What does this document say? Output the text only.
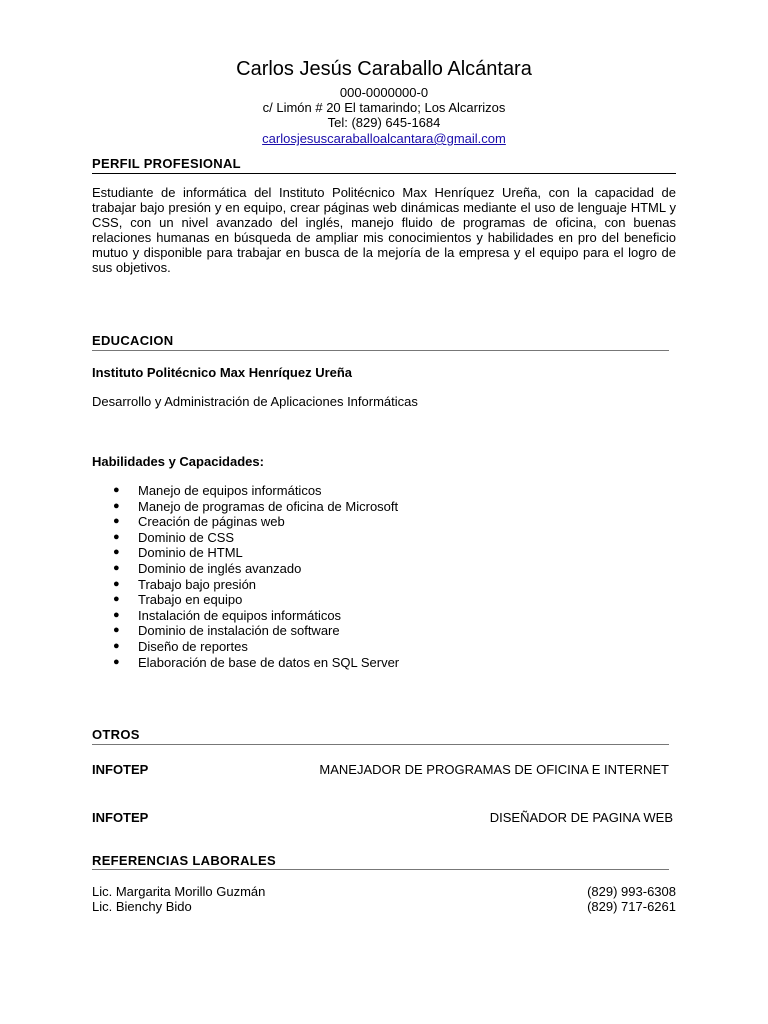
Carlos Jesús Caraballo Alcántara
000-0000000-0
c/ Limón # 20 El tamarindo; Los Alcarrizos
Tel: (829) 645-1684
carlosjesuscaraballoalcantara@gmail.com
PERFIL PROFESIONAL

Estudiante de informática del Instituto Politécnico Max Henríquez Ureña, con la capacidad de trabajar bajo presión y en equipo, crear páginas web dinámicas mediante el uso de lenguaje HTML y CSS, con un nivel avanzado del inglés, manejo fluido de programas de oficina, con buenas relaciones humanas en búsqueda de ampliar mis conocimientos y habilidades en pro del beneficio mutuo y disponible para trabajar en busca de la mejoría de la empresa y el equipo para el logro de sus objetivos.

EDUCACION
Instituto Politécnico Max Henríquez Ureña
Desarrollo y Administración de Aplicaciones Informáticas
Habilidades y Capacidades:
● Manejo de equipos informáticos
● Manejo de programas de oficina de Microsoft
● Creación de páginas web
● Dominio de CSS
● Dominio de HTML
● Dominio de inglés avanzado
● Trabajo bajo presión
● Trabajo en equipo
● Instalación de equipos informáticos
● Dominio de instalación de software
● Diseño de reportes
● Elaboración de base de datos en SQL Server
OTROS
INFOTEP	MANEJADOR DE PROGRAMAS DE OFICINA E INTERNET
INFOTEP	DISEÑADOR DE PAGINA WEB
REFERENCIAS LABORALES
Lic. Margarita Morillo Guzmán	(829) 993-6308
Lic. Bienchy Bido	(829) 717-6261
